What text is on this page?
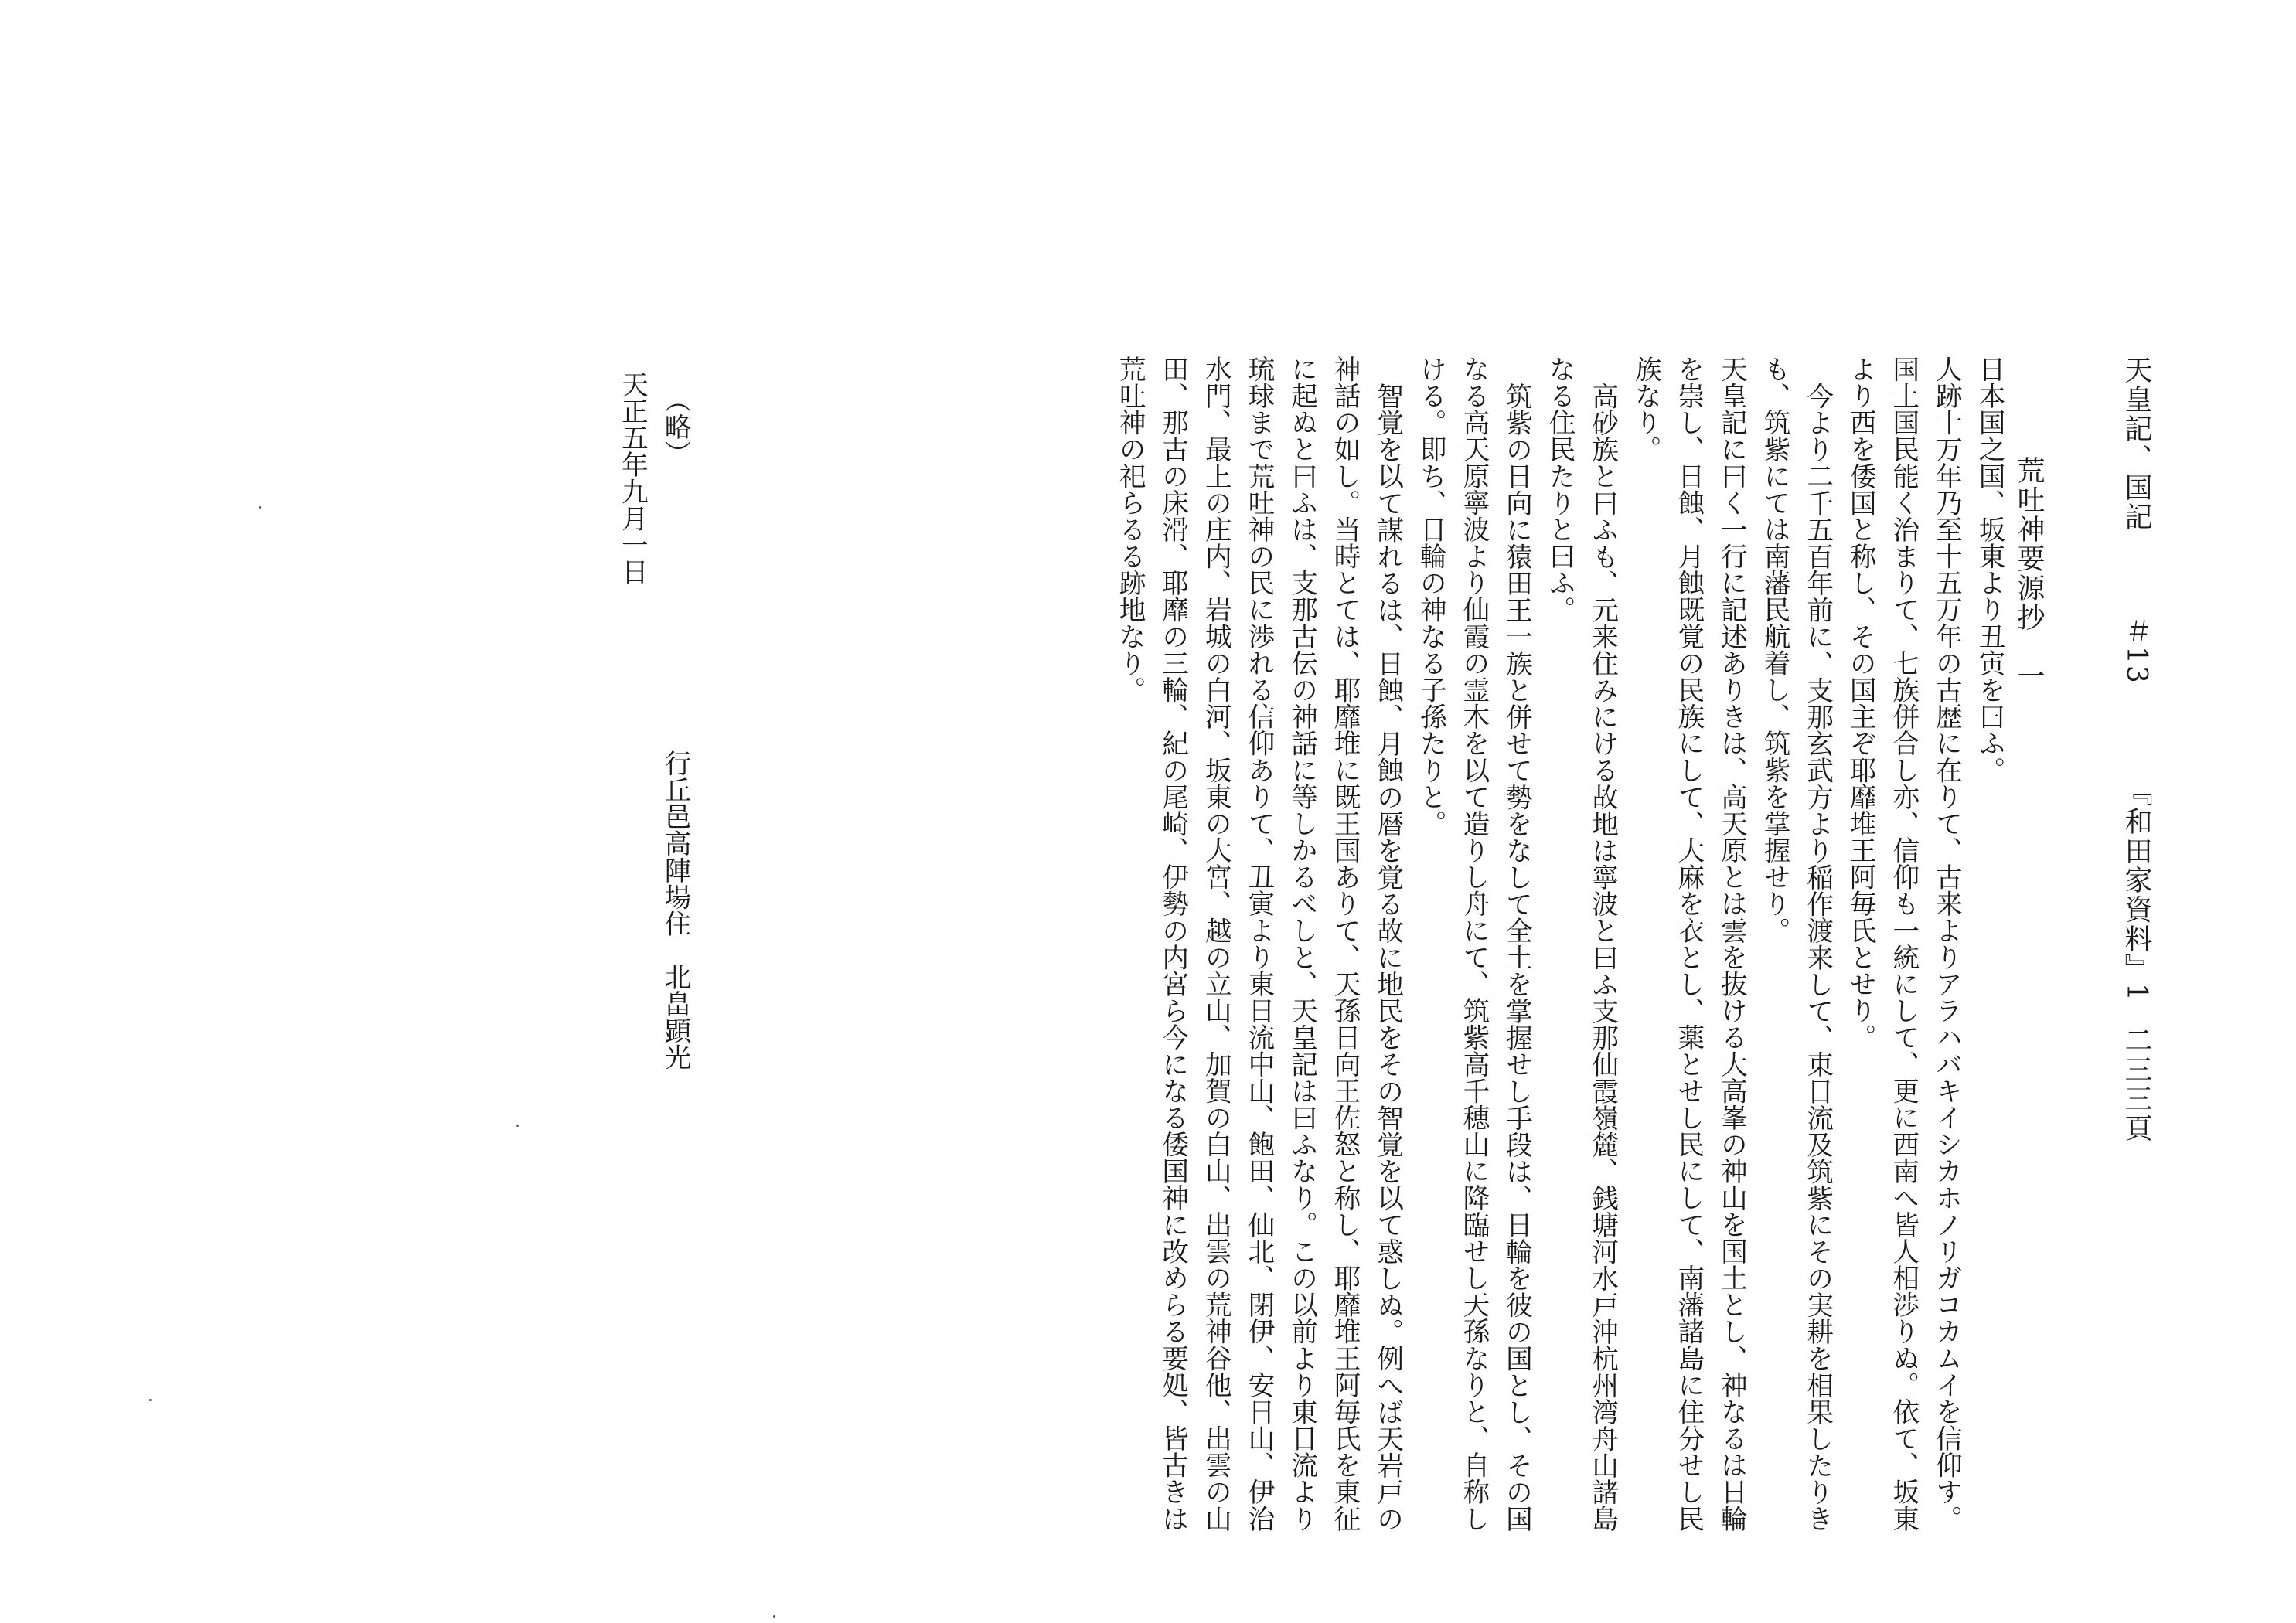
天皇記、国記＃13『和田家資料』1二三三頁
荒吐神要源抄　一

日本国之国、坂東より丑寅を曰ふ。

人跡十万年乃至十五万年の古歴に在りて、古来よりアラハバキイシカホノリガコカムイを信仰す。国土国民能く治まりて、七族併合し亦、信仰も一統にして、更に西南へ皆人相渉りぬ。依て、坂東より西を倭国と称し、その国主ぞ耶靡堆王阿毎氏とせり。

今より二千五百年前に、支那玄武方より稲作渡来して、東日流及筑紫にその実耕を相果したりきも、筑紫にては南藩民航着し、筑紫を掌握せり。

天皇記に曰く一行に記述ありきは、高天原とは雲を抜ける大高峯の神山を国土とし、神なるは日輪を崇し、日蝕、月蝕既覚の民族にして、大麻を衣とし、薬とせし民にして、南藩諸島に住分せし民族なり。

高砂族と曰ふも、元来住みにける故地は寧波と曰ふ支那仙霞嶺麓、銭塘河水戸沖杭州湾舟山諸島なる住民たりと曰ふ。

筑紫の日向に猿田王一族と併せて勢をなして全土を掌握せし手段は、日輪を彼の国とし、その国なる高天原寧波より仙霞の霊木を以て造りし舟にて、筑紫高千穂山に降臨せし天孫なりと、自称しける。即ち、日輪の神なる子孫たりと。

智覚を以て謀れるは、日蝕、月蝕の暦を覚る故に地民をその智覚を以て惑しぬ。例へば天岩戸の神話の如し。当時とては、耶靡堆に既王国ありて、天孫日向王佐怒と称し、耶靡堆王阿毎氏を東征に起ぬと曰ふは、支那古伝の神話に等しかるべしと、天皇記は曰ふなり。この以前より東日流より琉球まで荒吐神の民に渉れる信仰ありて、丑寅より東日流中山、飽田、仙北、閉伊、安日山、伊治水門、最上の庄内、岩城の白河、坂東の大宮、越の立山、加賀の白山、出雲の荒神谷他、出雲の山田、那古の床滑、耶靡の三輪、紀の尾崎、伊勢の内宮ら今になる倭国神に改めらる要処、皆古きは荒吐神の祀らるる跡地なり。

（略）

天正五年九月一日

行丘邑高陣場住　北畠顕光
